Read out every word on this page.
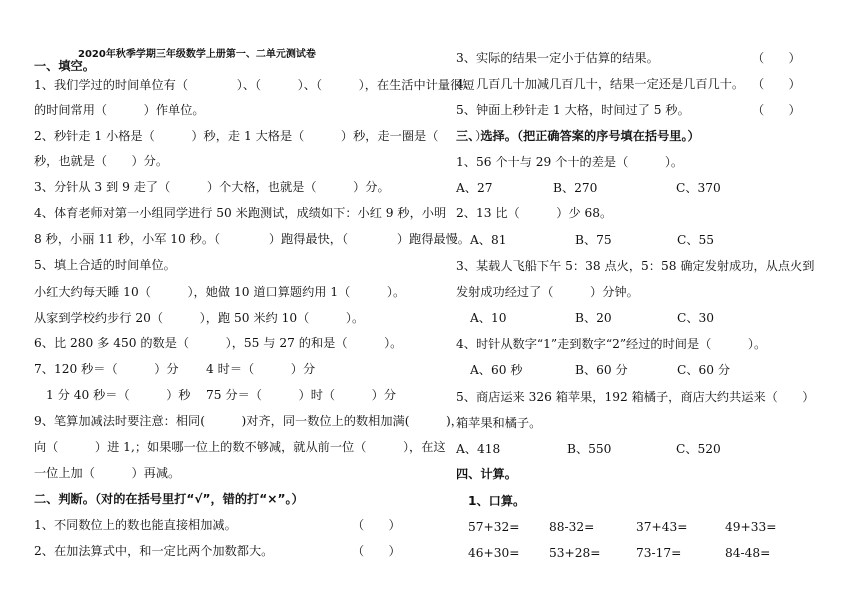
2020年秋季学期三年级数学上册第一、二单元测试卷
一、填空。
1、我们学过的时间单位有（　　　　）、（　　　）、（　　　），在生活中计量很短
的时间常用（　　　）作单位。
2、秒针走 1 小格是（　　　）秒，走 1 大格是（　　　）秒，走一圈是（　　　）
秒，也就是（　　）分。
3、分针从 3 到 9 走了（　　　）个大格，也就是（　　　）分。
4、体育老师对第一小组同学进行 50 米跑测试，成绩如下：小红 9 秒，小明
8 秒，小丽 11 秒，小军 10 秒。（　　　　）跑得最快，（　　　　）跑得最慢。
5、填上合适的时间单位。
小红大约每天睡 10（　　　），她做 10 道口算题约用 1（　　　）。
从家到学校约步行 20（　　　），跑 50 米约 10（　　　）。
6、比 280 多 450 的数是（　　　），55 与 27 的和是（　　　）。
7、120 秒＝（　　　）分 4 时＝（　　　）分
1 分 40 秒＝（　　　）秒 75 分＝（　　　）时（　　　）分
9、笔算加减法时要注意：相同(　　　)对齐，同一数位上的数相加满(　　　)，
向（　　　）进 1,；如果哪一位上的数不够减，就从前一位（　　　），在这
一位上加（　　　）再减。
二、判断。（对的在括号里打“√”，错的打“×”。）
1、不同数位上的数也能直接相加减。	（　　）
2、在加法算式中，和一定比两个加数都大。	（　　）
3、实际的结果一定小于估算的结果。	（　　）
4、几百几十加减几百几十，结果一定还是几百几十。 （　　）
5、钟面上秒针走 1 大格，时间过了 5 秒。	（　　）
三、选择。（把正确答案的序号填在括号里。）
1、56 个十与 29 个十的差是（　　　）。
A、27	B、270	C、370
2、13 比（　　　）少 68。
A、81	B、75	C、55
3、某载人飞船下午 5：38 点火，5：58 确定发射成功，从点火到
发射成功经过了（　　　）分钟。
A、10	B、20	C、30
4、时针从数字“1”走到数字“2”经过的时间是（　　　）。
A、60 秒	B、60 分	C、60 分
5、商店运来 326 箱苹果，192 箱橘子，商店大约共运来（　　）
箱苹果和橘子。
A、418	B、550	C、520
四、计算。
1、口算。
57+32= 88-32=	37+43=	49+33=
46+30= 53+28=	73-17=	84-48=
